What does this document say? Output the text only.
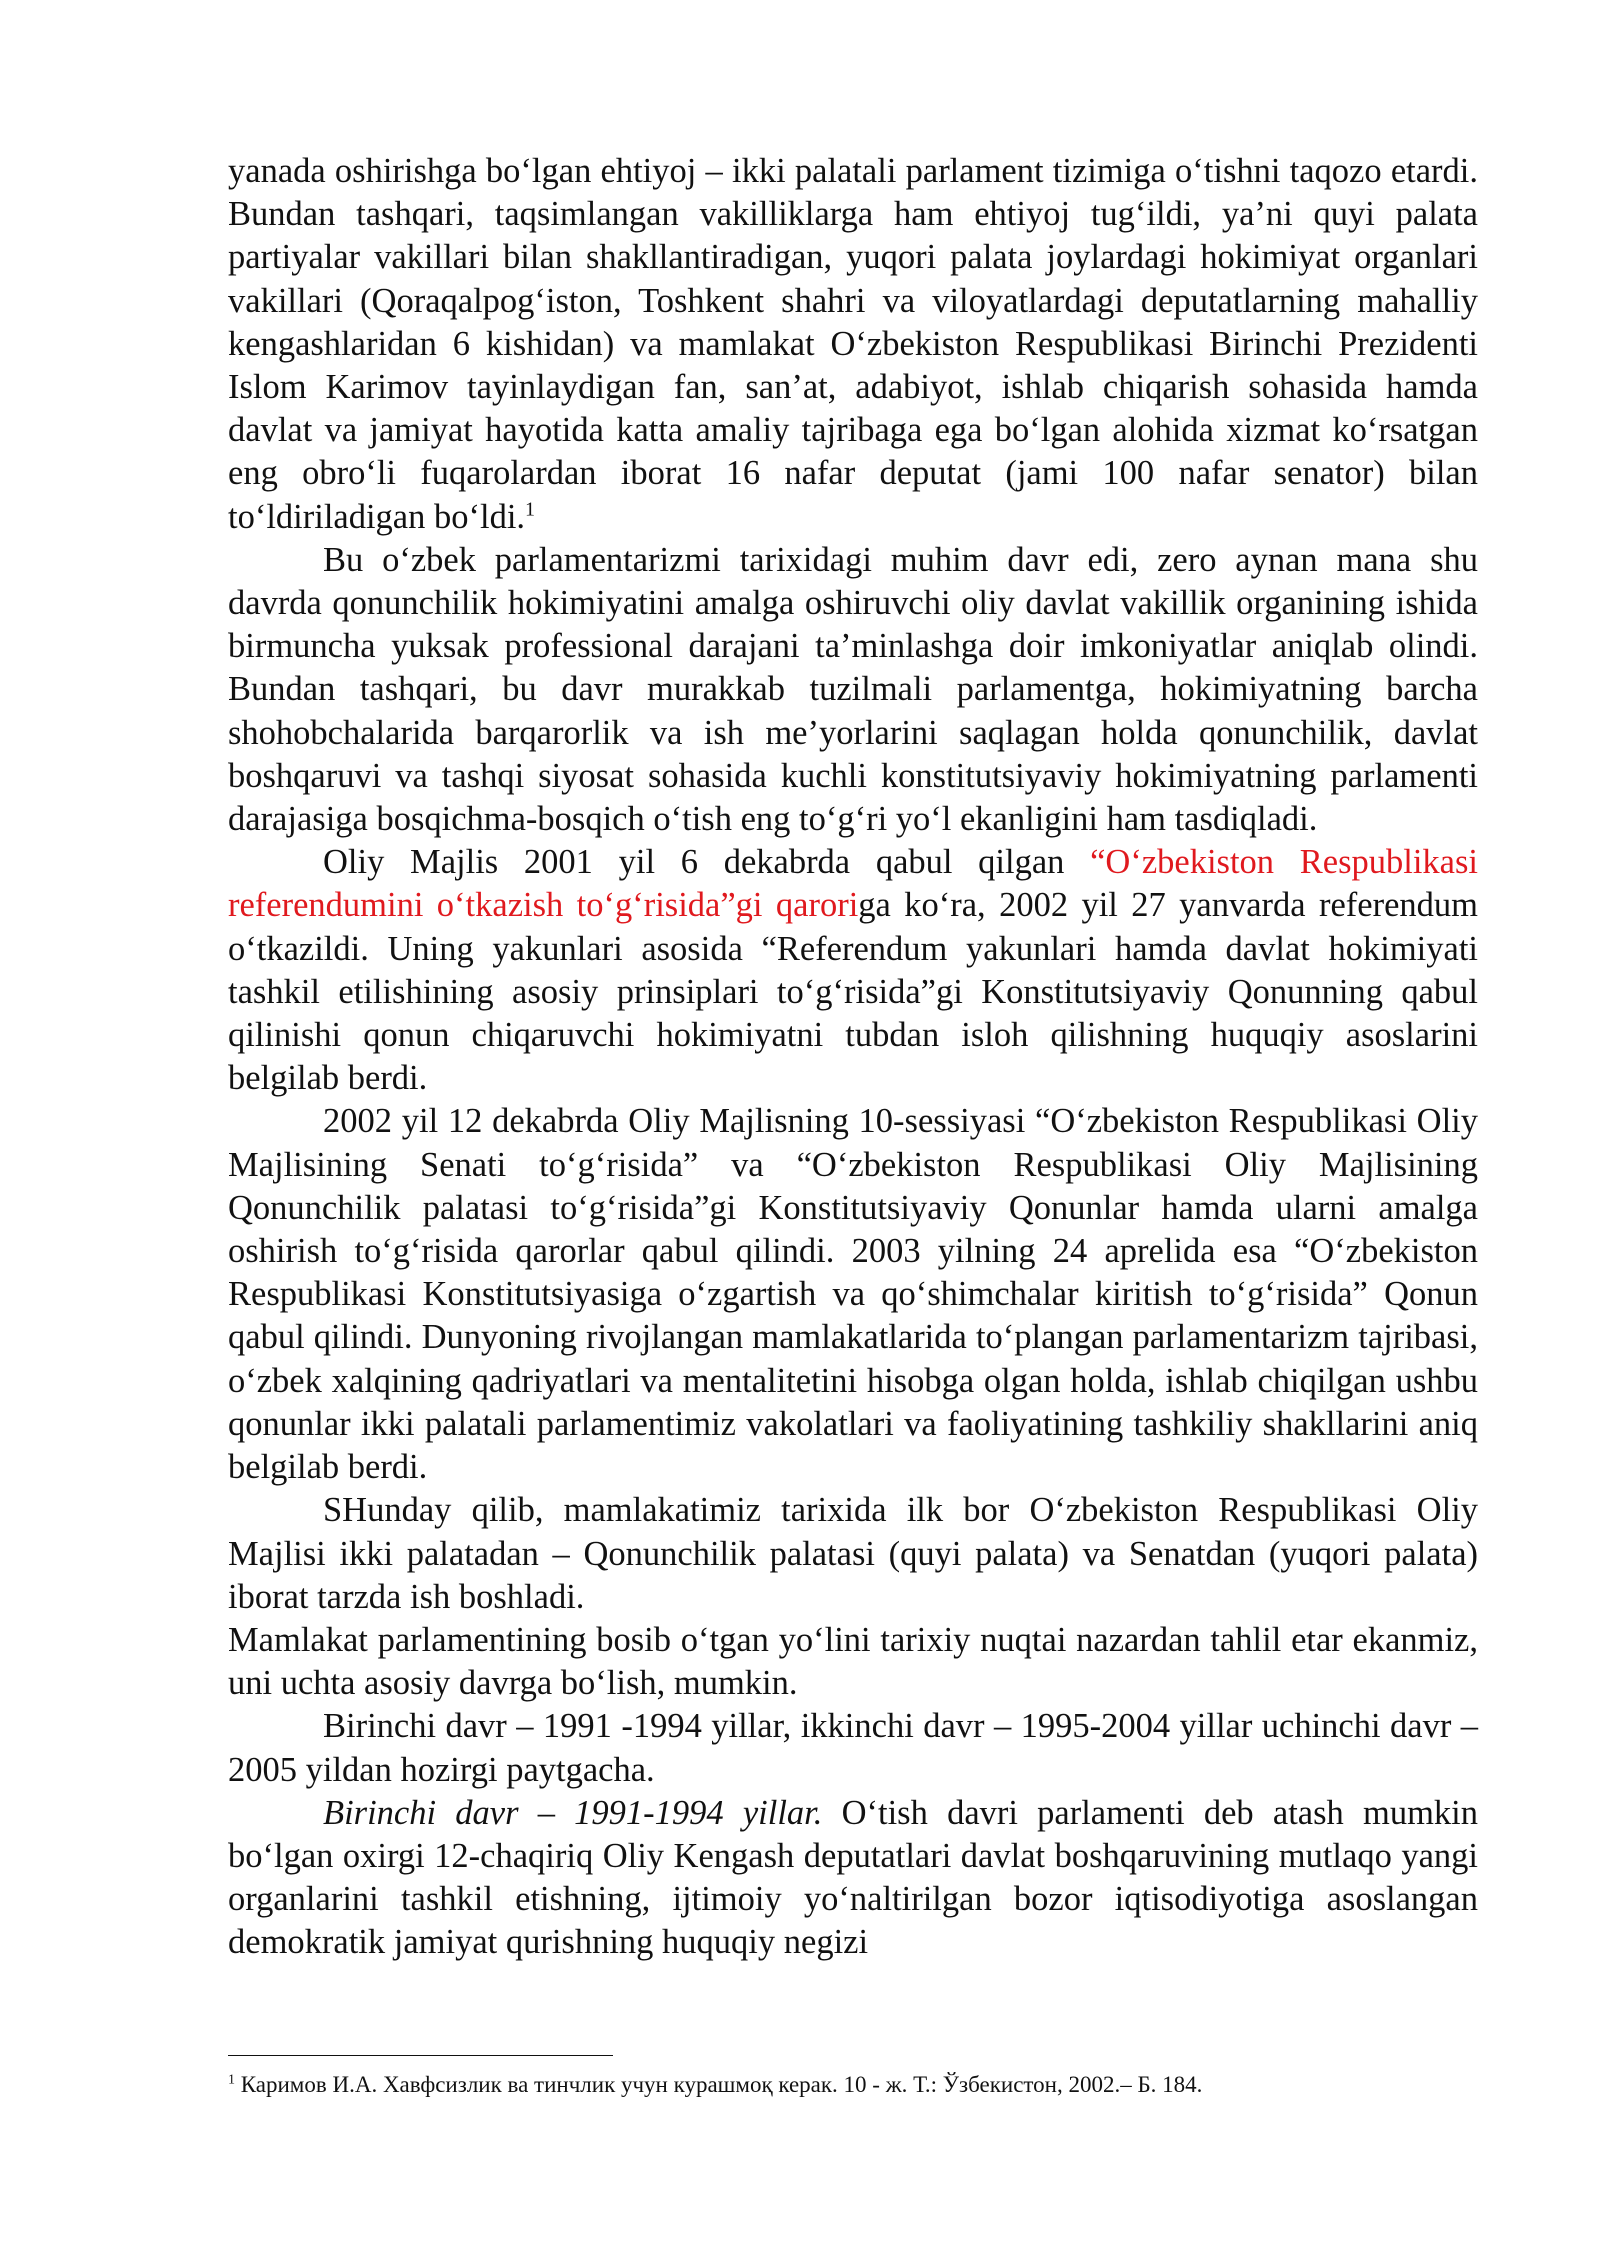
yanada oshirishga bo‘lgan ehtiyoj – ikki palatali parlament tizimiga o‘tishni taqozo etardi. Bundan tashqari, taqsimlangan vakilliklarga ham ehtiyoj tug‘ildi, ya’ni quyi palata partiyalar vakillari bilan shakllantiradigan, yuqori palata joylardagi hokimiyat organlari vakillari (Qoraqalpog‘iston, Toshkent shahri va viloyatlardagi deputatlarning mahalliy kengashlaridan 6 kishidan) va mamlakat O‘zbekiston Respublikasi Birinchi Prezidenti Islom Karimov tayinlaydigan fan, san’at, adabiyot, ishlab chiqarish sohasida hamda davlat va jamiyat hayotida katta amaliy tajribaga ega bo‘lgan alohida xizmat ko‘rsatgan eng obro‘li fuqarolardan iborat 16 nafar deputat (jami 100 nafar senator) bilan to‘ldiriladigan bo‘ldi.$^1$

Bu o‘zbek parlamentarizmi tarixidagi muhim davr edi, zero aynan mana shu davrda qonunchilik hokimiyatini amalga oshiruvchi oliy davlat vakillik organining ishida birmuncha yuksak professional darajani ta’minlashga doir imkoniyatlar aniqlab olindi. Bundan tashqari, bu davr murakkab tuzilmali parlamentga, hokimiyatning barcha shohobchalarida barqarorlik va ish me’yorlarini saqlagan holda qonunchilik, davlat boshqaruvi va tashqi siyosat sohasida kuchli konstitutsiyaviy hokimiyatning parlamenti darajasiga bosqichma-bosqich o‘tish eng to‘g‘ri yo‘l ekanligini ham tasdiqladi.

Oliy Majlis 2001 yil 6 dekabrda qabul qilgan “O‘zbekiston Respublikasi referendumini o‘tkazish to‘g‘risida”gi qaroriga ko‘ra, 2002 yil 27 yanvarda referendum o‘tkazildi. Uning yakunlari asosida “Referendum yakunlari hamda davlat hokimiyati tashkil etilishining asosiy prinsiplari to‘g‘risida”gi Konstitutsiyaviy Qonunning qabul qilinishi qonun chiqaruvchi hokimiyatni tubdan isloh qilishning huquqiy asoslarini belgilab berdi.

2002 yil 12 dekabrda Oliy Majlisning 10-sessiyasi “O‘zbekiston Respublikasi Oliy Majlisining Senati to‘g‘risida” va “O‘zbekiston Respublikasi Oliy Majlisining Qonunchilik palatasi to‘g‘risida”gi Konstitutsiyaviy Qonunlar hamda ularni amalga oshirish to‘g‘risida qarorlar qabul qilindi. 2003 yilning 24 aprelida esa “O‘zbekiston Respublikasi Konstitutsiyasiga o‘zgartish va qo‘shimchalar kiritish to‘g‘risida” Qonun qabul qilindi. Dunyoning rivojlangan mamlakatlarida to‘plangan parlamentarizm tajribasi, o‘zbek xalqining qadriyatlari va mentalitetini hisobga olgan holda, ishlab chiqilgan ushbu qonunlar ikki palatali parlamentimiz vakolatlari va faoliyatining tashkiliy shakllarini aniq belgilab berdi.

SHunday qilib, mamlakatimiz tarixida ilk bor O‘zbekiston Respublikasi Oliy Majlisi ikki palatadan – Qonunchilik palatasi (quyi palata) va Senatdan (yuqori palata) iborat tarzda ish boshladi.

Mamlakat parlamentining bosib o‘tgan yo‘lini tarixiy nuqtai nazardan tahlil etar ekanmiz, uni uchta asosiy davrga bo‘lish, mumkin.

Birinchi davr – 1991 -1994 yillar, ikkinchi davr – 1995-2004 yillar uchinchi davr – 2005 yildan hozirgi paytgacha.

Birinchi davr – 1991-1994 yillar. O‘tish davri parlamenti deb atash mumkin bo‘lgan oxirgi 12-chaqiriq Oliy Kengash deputatlari davlat boshqaruvining mutlaqo yangi organlarini tashkil etishning, ijtimoiy yo‘naltirilgan bozor iqtisodiyotiga asoslangan demokratik jamiyat qurishning huquqiy negizi

$^1$ Каримов И.А. Хавфсизлик ва тинчлик учун курашмоқ керак. 10 - ж. Т.: Ўзбекистон, 2002.– Б. 184.
